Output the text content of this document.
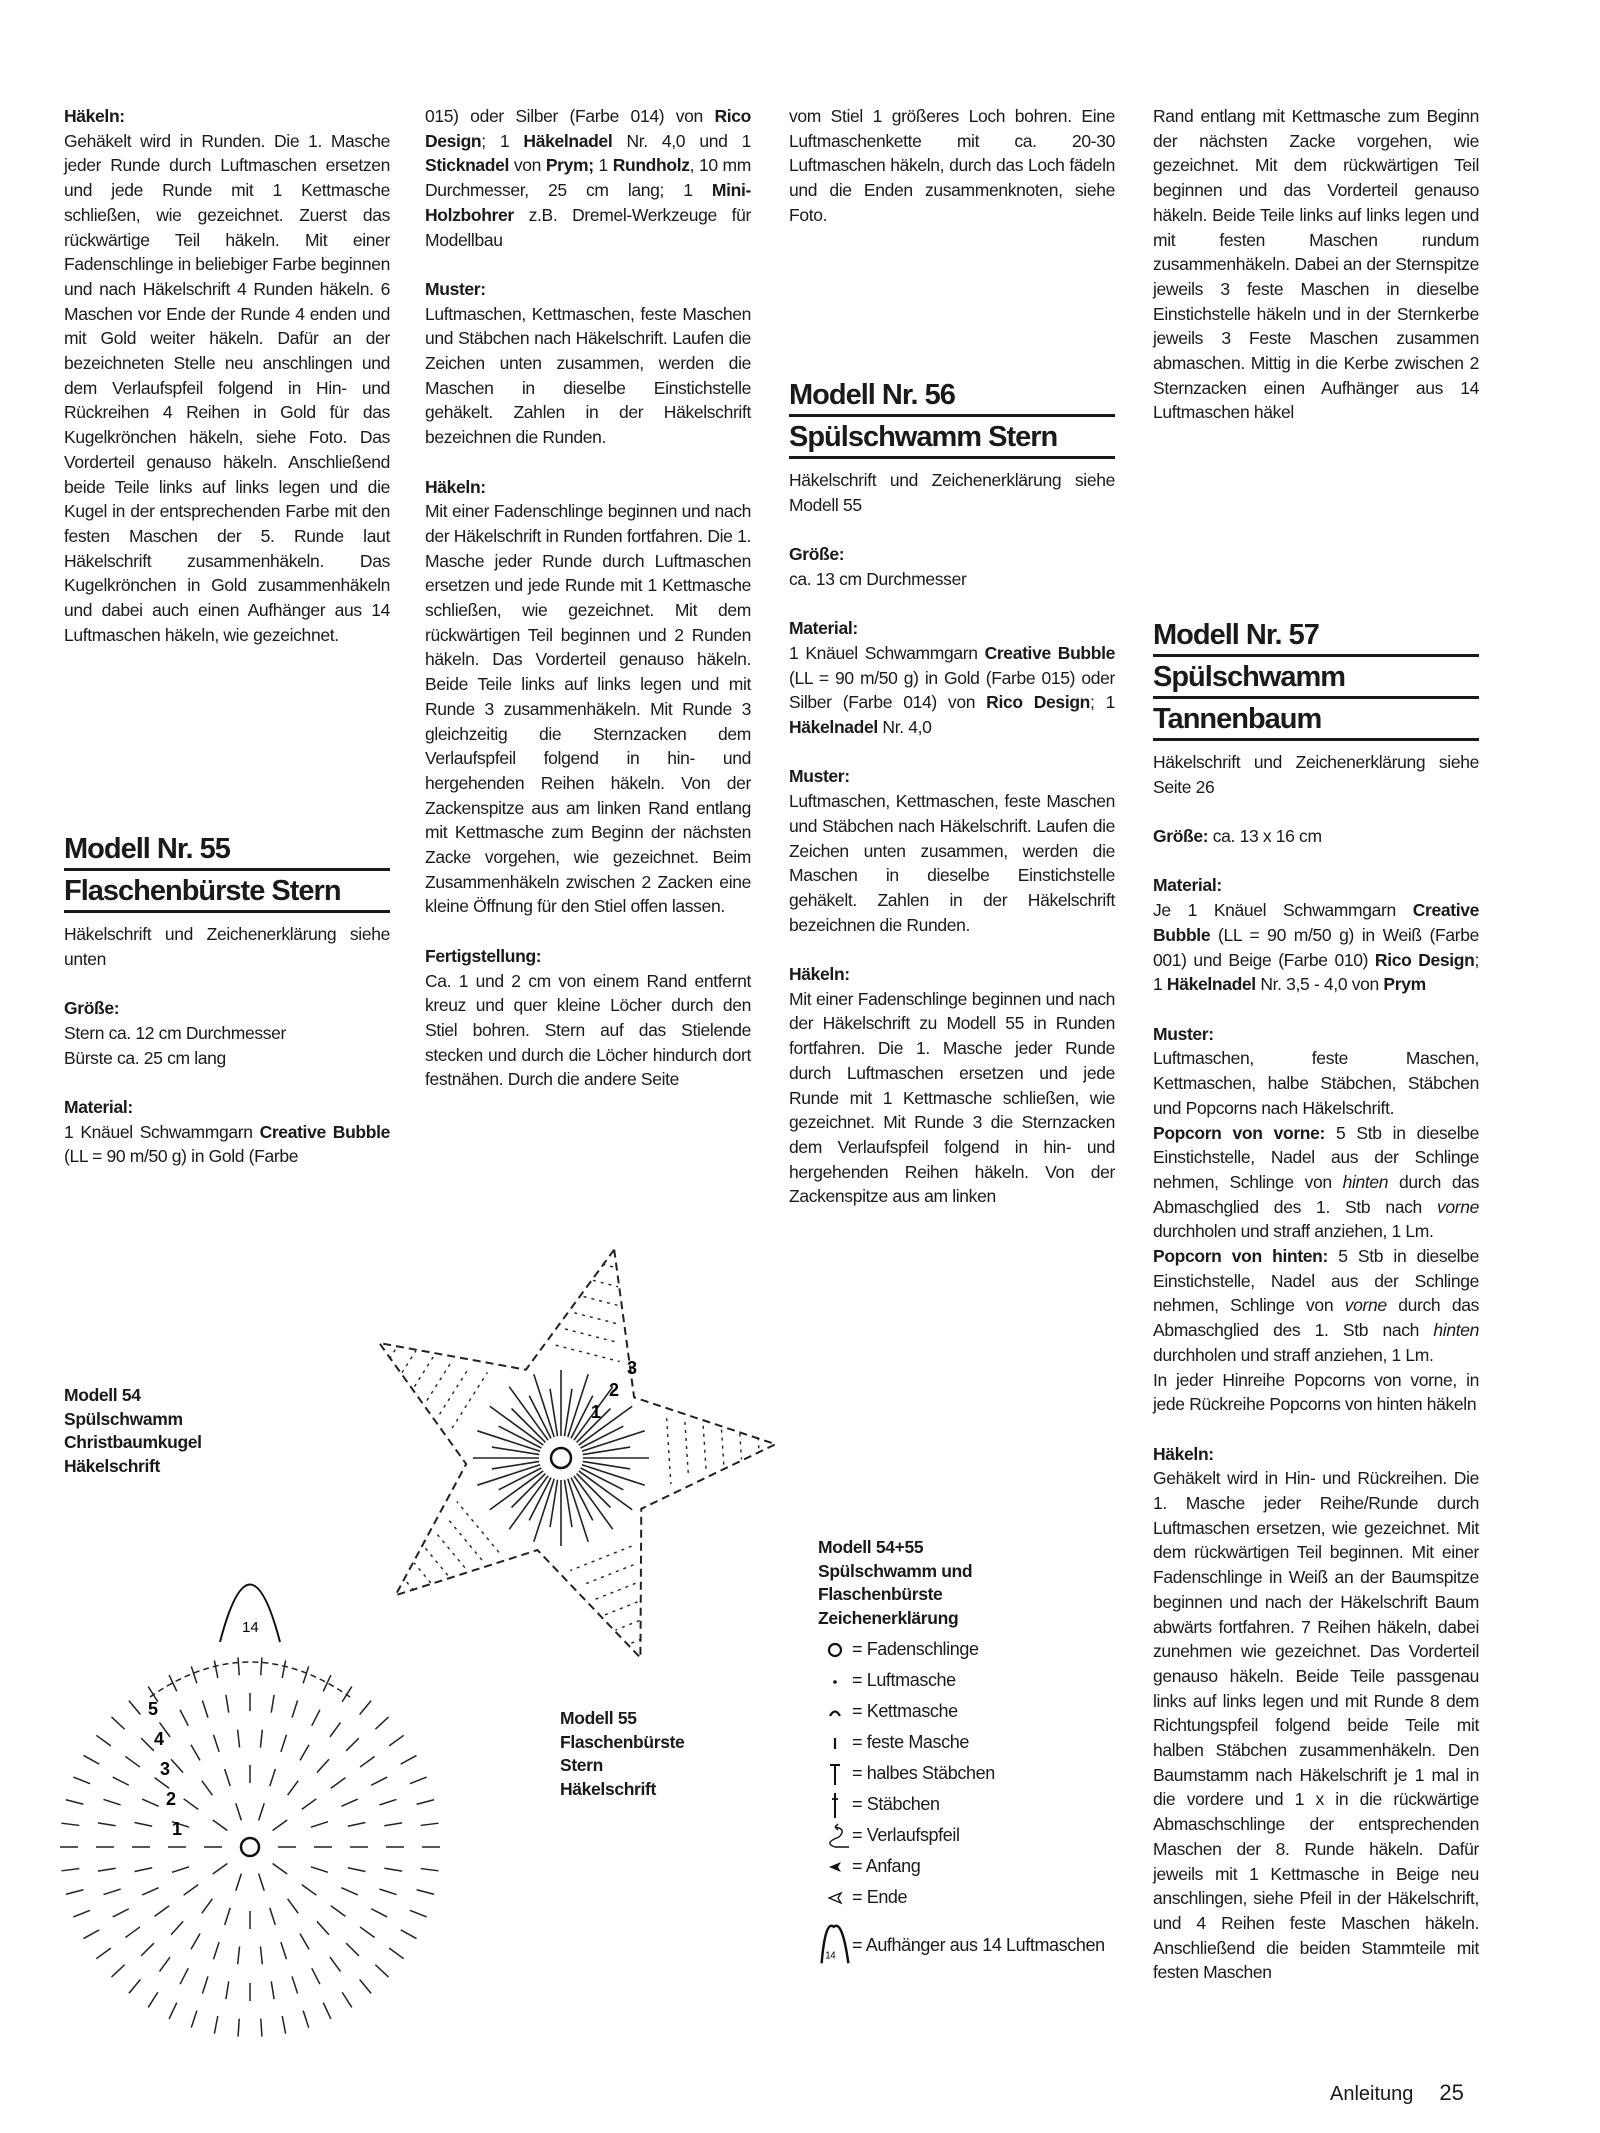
Häkeln:

Gehäkelt wird in Runden. Die 1. Masche jeder Runde durch Luftmaschen ersetzen und jede Runde mit 1 Kettmasche schließen, wie gezeichnet. Zuerst das rückwärtige Teil häkeln. Mit einer Fadenschlinge in beliebiger Farbe beginnen und nach Häkelschrift 4 Runden häkeln. 6 Maschen vor Ende der Runde 4 enden und mit Gold weiter häkeln. Dafür an der bezeichneten Stelle neu anschlingen und dem Verlaufspfeil folgend in Hin- und Rückreihen 4 Reihen in Gold für das Kugelkrönchen häkeln, siehe Foto. Das Vorderteil genauso häkeln. Anschließend beide Teile links auf links legen und die Kugel in der entsprechenden Farbe mit den festen Maschen der 5. Runde laut Häkelschrift zusammenhäkeln. Das Kugelkrönchen in Gold zusammenhäkeln und dabei auch einen Aufhänger aus 14 Luftmaschen häkeln, wie gezeichnet.

Modell Nr. 55
Flaschenbürste Stern

Häkelschrift und Zeichenerklärung siehe unten

Größe:

Stern ca. 12 cm Durchmesser

Bürste ca. 25 cm lang

Material:

1 Knäuel Schwammgarn Creative Bubble (LL = 90 m/50 g) in Gold (Farbe

015) oder Silber (Farbe 014) von Rico Design; 1 Häkelnadel Nr. 4,0 und 1 Sticknadel von Prym; 1 Rundholz, 10 mm Durchmesser, 25 cm lang; 1 Mini-Holzbohrer z.B. Dremel-Werkzeuge für Modellbau

Muster:

Luftmaschen, Kettmaschen, feste Maschen und Stäbchen nach Häkelschrift. Laufen die Zeichen unten zusammen, werden die Maschen in dieselbe Einstichstelle gehäkelt. Zahlen in der Häkelschrift bezeichnen die Runden.

Häkeln:

Mit einer Fadenschlinge beginnen und nach der Häkelschrift in Runden fortfahren. Die 1. Masche jeder Runde durch Luftmaschen ersetzen und jede Runde mit 1 Kettmasche schließen, wie gezeichnet. Mit dem rückwärtigen Teil beginnen und 2 Runden häkeln. Das Vorderteil genauso häkeln. Beide Teile links auf links legen und mit Runde 3 zusammenhäkeln. Mit Runde 3 gleichzeitig die Sternzacken dem Verlaufspfeil folgend in hin- und hergehenden Reihen häkeln. Von der Zackenspitze aus am linken Rand entlang mit Kettmasche zum Beginn der nächsten Zacke vorgehen, wie gezeichnet. Beim Zusammenhäkeln zwischen 2 Zacken eine kleine Öffnung für den Stiel offen lassen.

Fertigstellung:

Ca. 1 und 2 cm von einem Rand entfernt kreuz und quer kleine Löcher durch den Stiel bohren. Stern auf das Stielende stecken und durch die Löcher hindurch dort festnähen. Durch die andere Seite

vom Stiel 1 größeres Loch bohren. Eine Luftmaschenkette mit ca. 20-30 Luftmaschen häkeln, durch das Loch fädeln und die Enden zusammenknoten, siehe Foto.

Modell Nr. 56
Spülschwamm Stern

Häkelschrift und Zeichenerklärung siehe Modell 55

Größe:

ca. 13 cm Durchmesser

Material:

1 Knäuel Schwammgarn Creative Bubble (LL = 90 m/50 g) in Gold (Farbe 015) oder Silber (Farbe 014) von Rico Design; 1 Häkelnadel Nr. 4,0

Muster:

Luftmaschen, Kettmaschen, feste Maschen und Stäbchen nach Häkelschrift. Laufen die Zeichen unten zusammen, werden die Maschen in dieselbe Einstichstelle gehäkelt. Zahlen in der Häkelschrift bezeichnen die Runden.

Häkeln:

Mit einer Fadenschlinge beginnen und nach der Häkelschrift zu Modell 55 in Runden fortfahren. Die 1. Masche jeder Runde durch Luftmaschen ersetzen und jede Runde mit 1 Kettmasche schließen, wie gezeichnet. Mit Runde 3 die Sternzacken dem Verlaufspfeil folgend in hin- und hergehenden Reihen häkeln. Von der Zackenspitze aus am linken

Rand entlang mit Kettmasche zum Beginn der nächsten Zacke vorgehen, wie gezeichnet. Mit dem rückwärtigen Teil beginnen und das Vorderteil genauso häkeln. Beide Teile links auf links legen und mit festen Maschen rundum zusammenhäkeln. Dabei an der Sternspitze jeweils 3 feste Maschen in dieselbe Einstichstelle häkeln und in der Sternkerbe jeweils 3 Feste Maschen zusammen abmaschen. Mittig in die Kerbe zwischen 2 Sternzacken einen Aufhänger aus 14 Luftmaschen häkel

Modell Nr. 57
Spülschwamm
Tannenbaum

Häkelschrift und Zeichenerklärung siehe Seite 26

Größe: ca. 13 x 16 cm

Material:

Je 1 Knäuel Schwammgarn Creative Bubble (LL = 90 m/50 g) in Weiß (Farbe 001) und Beige (Farbe 010) Rico Design; 1 Häkelnadel Nr. 3,5 - 4,0 von Prym

Muster:

Luftmaschen, feste Maschen, Kettmaschen, halbe Stäbchen, Stäbchen und Popcorns nach Häkelschrift.

Popcorn von vorne: 5 Stb in dieselbe Einstichstelle, Nadel aus der Schlinge nehmen, Schlinge von hinten durch das Abmaschglied des 1. Stb nach vorne durchholen und straff anziehen, 1 Lm.

Popcorn von hinten: 5 Stb in dieselbe Einstichstelle, Nadel aus der Schlinge nehmen, Schlinge von vorne durch das Abmaschglied des 1. Stb nach hinten durchholen und straff anziehen, 1 Lm.

In jeder Hinreihe Popcorns von vorne, in jede Rückreihe Popcorns von hinten häkeln

Häkeln:

Gehäkelt wird in Hin- und Rückreihen. Die 1. Masche jeder Reihe/Runde durch Luftmaschen ersetzen, wie gezeichnet. Mit dem rückwärtigen Teil beginnen. Mit einer Fadenschlinge in Weiß an der Baumspitze beginnen und nach der Häkelschrift Baum abwärts fortfahren. 7 Reihen häkeln, dabei zunehmen wie gezeichnet. Das Vorderteil genauso häkeln. Beide Teile passgenau links auf links legen und mit Runde 8 dem Richtungspfeil folgend beide Teile mit halben Stäbchen zusammenhäkeln. Den Baumstamm nach Häkelschrift je 1 mal in die vordere und 1 x in die rückwärtige Abmaschschlinge der entsprechenden Maschen der 8. Runde häkeln. Dafür jeweils mit 1 Kettmasche in Beige neu anschlingen, siehe Pfeil in der Häkelschrift, und 4 Reihen feste Maschen häkeln. Anschließend die beiden Stammteile mit festen Maschen

Modell 54
Spülschwamm
Christbaumkugel
Häkelschrift
Modell 55
Flaschenbürste
Stern
Häkelschrift
1
2
3
14
1
2
3
4
5
Modell 54+55
Spülschwamm und
Flaschenbürste
Zeichenerklärung
= Fadenschlinge
= Luftmasche
= Kettmasche
= feste Masche
= halbes Stäbchen
= Stäbchen
= Verlaufspfeil
= Anfang
= Ende
14
= Aufhänger aus 14 Luftmaschen
Anleitung 25
